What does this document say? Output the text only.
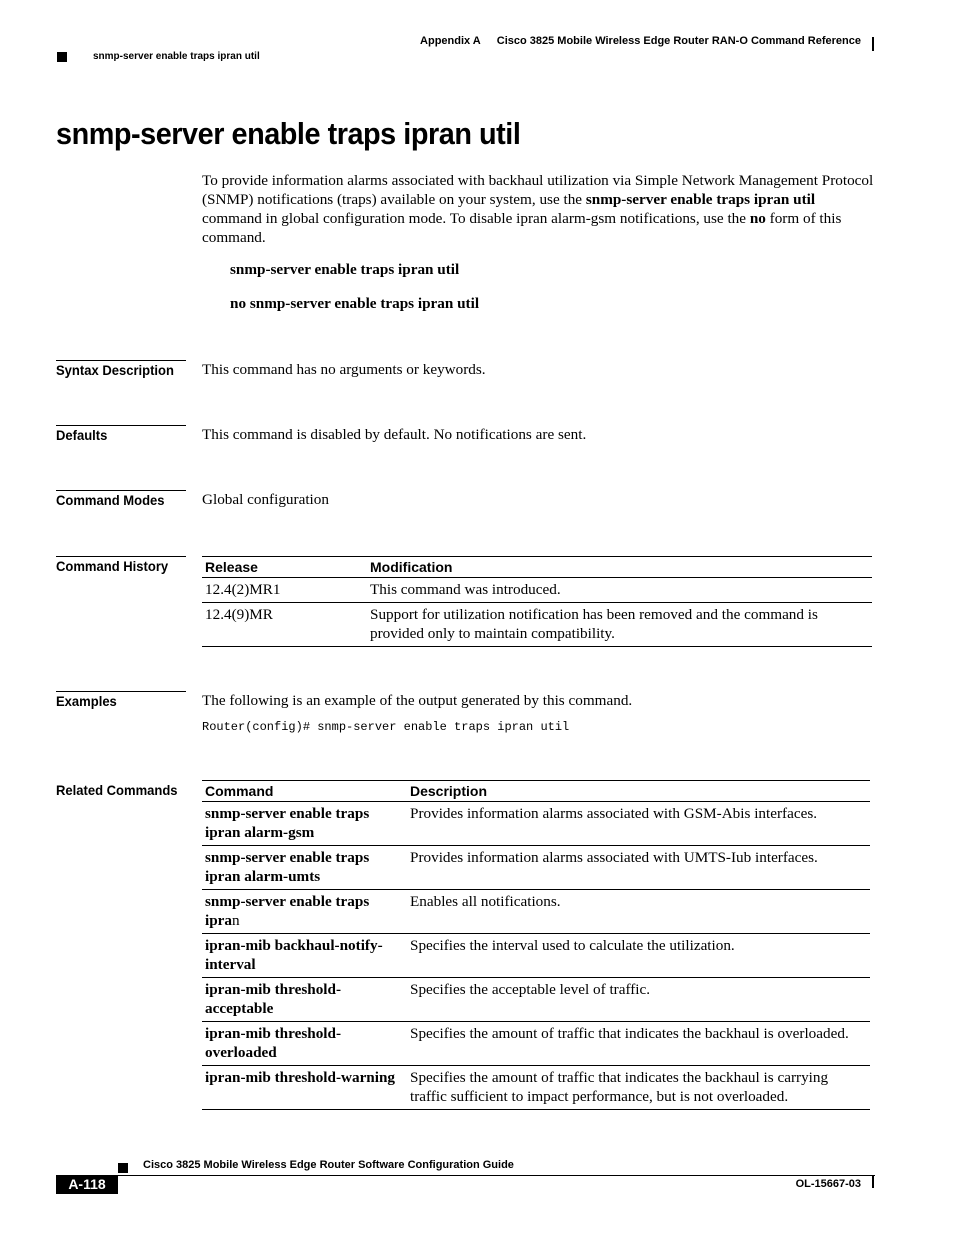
Appendix A Cisco 3825 Mobile Wireless Edge Router RAN-O Command Reference
snmp-server enable traps ipran util
snmp-server enable traps ipran util
To provide information alarms associated with backhaul utilization via Simple Network Management Protocol (SNMP) notifications (traps) available on your system, use the snmp-server enable traps ipran util command in global configuration mode. To disable ipran alarm-gsm notifications, use the no form of this command.
snmp-server enable traps ipran util
no snmp-server enable traps ipran util
Syntax Description This command has no arguments or keywords.
Defaults	This command is disabled by default. No notifications are sent.
Command Modes Global configuration
Command History	Release	Modification
12.4(2)MR1	This command was introduced.
12.4(9)MR	Support for utilization notification has been removed and the command is provided only to maintain compatibility.
Examples	The following is an example of the output generated by this command.
Router(config)# snmp-server enable traps ipran util
Related Commands Command	Description
snmp-server enable traps ipran alarm-gsm	Provides information alarms associated with GSM-Abis interfaces.
snmp-server enable traps ipran alarm-umts	Provides information alarms associated with UMTS-Iub interfaces.
snmp-server enable traps ipran	Enables all notifications.
ipran-mib backhaul-notify-interval	Specifies the interval used to calculate the utilization.
ipran-mib threshold-acceptable	Specifies the acceptable level of traffic.
ipran-mib threshold-overloaded	Specifies the amount of traffic that indicates the backhaul is overloaded.
ipran-mib threshold-warning	Specifies the amount of traffic that indicates the backhaul is carrying traffic sufficient to impact performance, but is not overloaded.
Cisco 3825 Mobile Wireless Edge Router Software Configuration Guide
A-118	OL-15667-03
